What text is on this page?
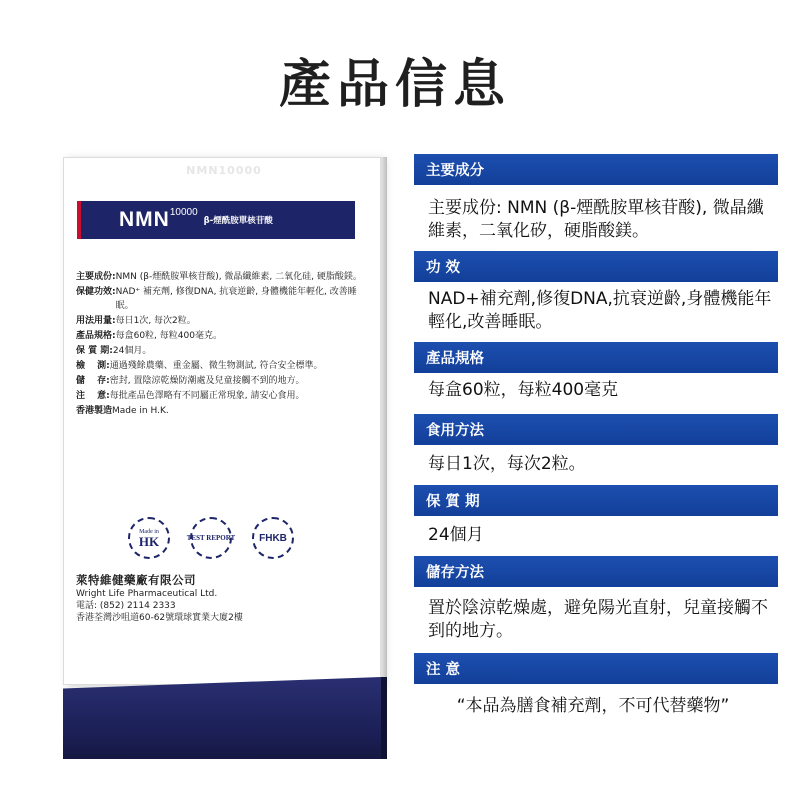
產品信息
NMN10000
NMN 10000
β-煙酰胺單核苷酸
主要成份: NMN (β-煙酰胺單核苷酸), 微晶纖維素, 二氧化硅, 硬脂酸鎂。
保健功效: NAD⁺ 補充劑, 修復DNA, 抗衰逆齡, 身體機能年輕化, 改善睡眠。
用法用量: 每日1次, 每次2粒。
產品規格: 每盒60粒, 每粒400毫克。
保 質 期: 24個月。
檢　 測: 通過殘餘農藥、重金屬、微生物測試, 符合安全標準。
儲　 存: 密封, 置陰涼乾燥防潮處及兒童接觸不到的地方。
注　 意: 每批產品色澤略有不同屬正常現象, 請安心食用。
香港製造 Made in H.K.
Made in
HK	TEST REPORT FHKB
萊特維健藥廠有限公司
Wright Life Pharmaceutical Ltd.
電話: (852) 2114 2333
香港荃灣沙咀道60-62號環球實業大廈2樓
主要成分
主要成份: NMN (β-煙酰胺單核苷酸), 微晶纖維素，二氧化矽，硬脂酸鎂。
功 效
NAD+補充劑,修復DNA,抗衰逆齡,身體機能年輕化,改善睡眠。
產品規格
每盒60粒，每粒400毫克
食用方法
每日1次，每次2粒。
保 質 期
24個月
儲存方法
置於陰涼乾燥處，避免陽光直射，兒童接觸不到的地方。
注 意
“本品為膳食補充劑，不可代替藥物”
